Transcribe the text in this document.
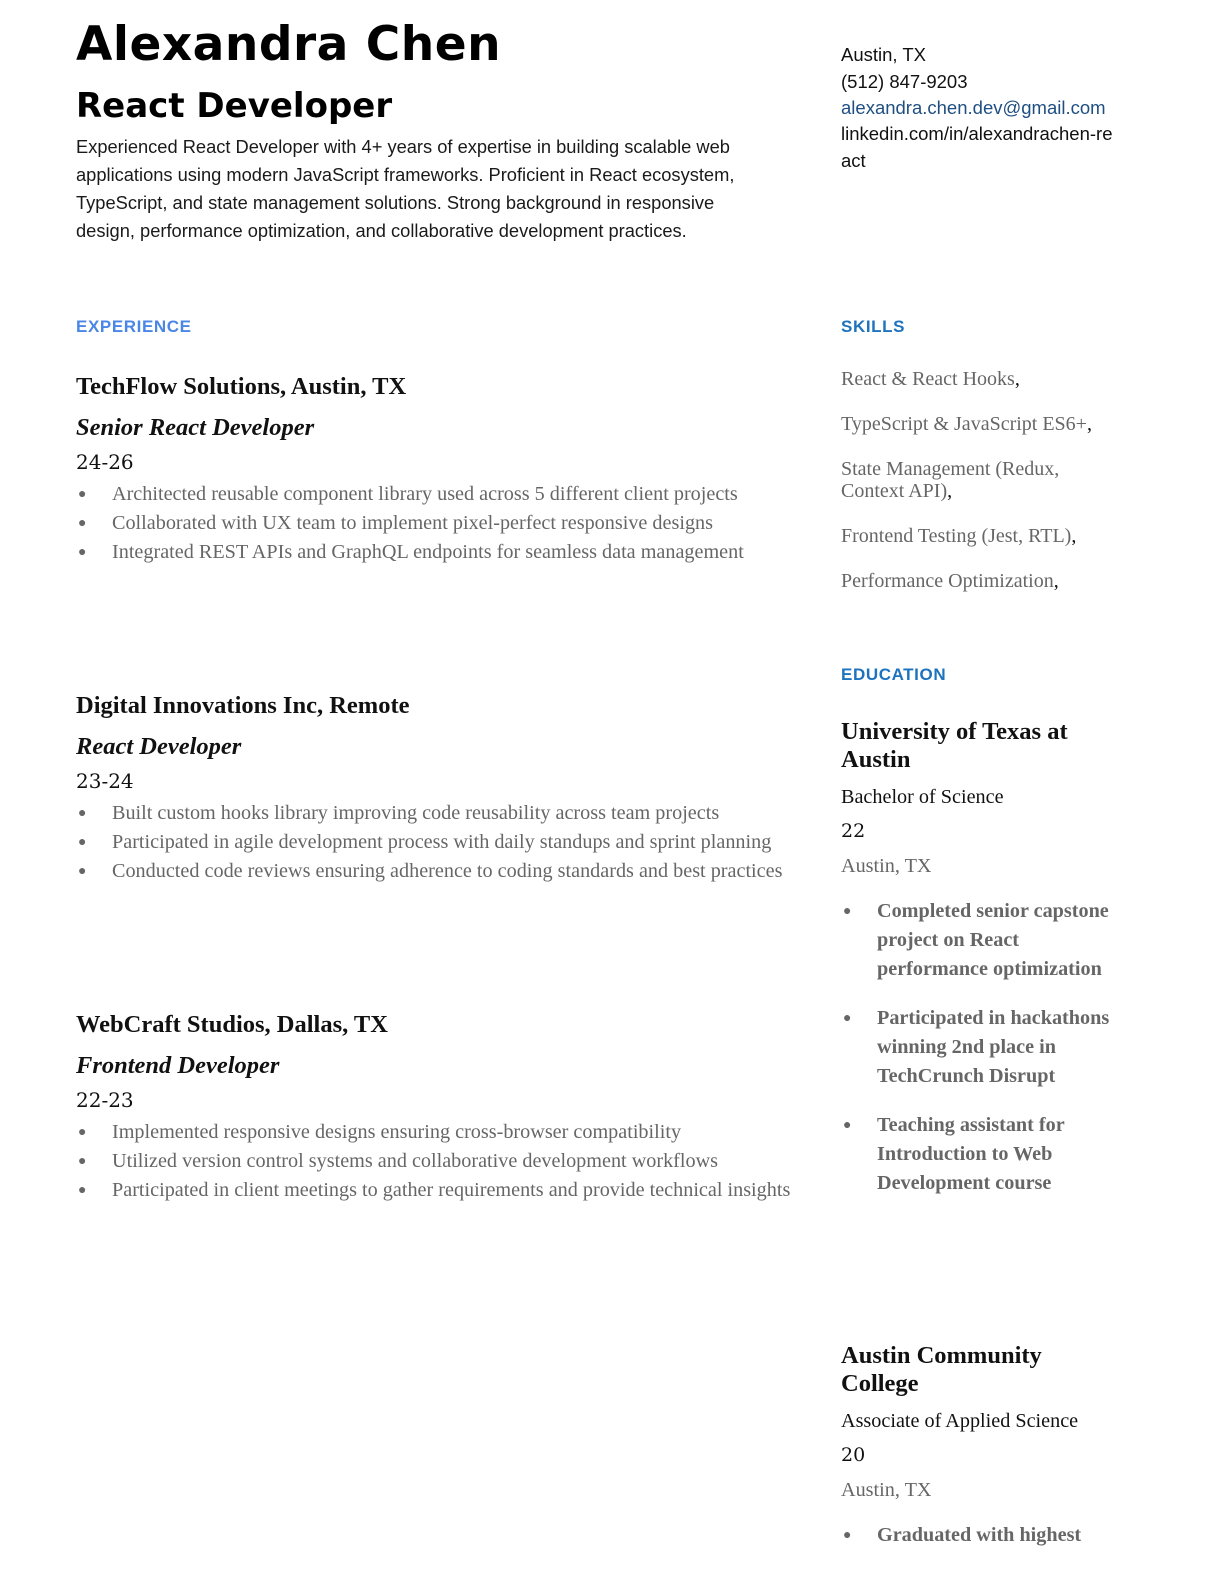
Alexandra Chen
React Developer
Experienced React Developer with 4+ years of expertise in building scalable web applications using modern JavaScript frameworks. Proficient in React ecosystem, TypeScript, and state management solutions. Strong background in responsive design, performance optimization, and collaborative development practices.
EXPERIENCE
TechFlow Solutions, Austin, TX
Senior React Developer
24-26
● Architected reusable component library used across 5 different client projects
● Collaborated with UX team to implement pixel-perfect responsive designs
● Integrated REST APIs and GraphQL endpoints for seamless data management
Digital Innovations Inc, Remote
React Developer
23-24
● Built custom hooks library improving code reusability across team projects
● Participated in agile development process with daily standups and sprint planning
● Conducted code reviews ensuring adherence to coding standards and best practices
WebCraft Studios, Dallas, TX
Frontend Developer
22-23
● Implemented responsive designs ensuring cross-browser compatibility
● Utilized version control systems and collaborative development workflows
● Participated in client meetings to gather requirements and provide technical insights
Austin, TX
(512) 847-9203
alexandra.chen.dev@gmail.com
linkedin.com/in/alexandrachen-react
SKILLS
React & React Hooks,
TypeScript & JavaScript ES6+,
State Management (Redux, Context API),
Frontend Testing (Jest, RTL),
Performance Optimization,
EDUCATION
University of Texas at Austin
Bachelor of Science
22
Austin, TX
● Completed senior capstone project on React performance optimization
● Participated in hackathons winning 2nd place in TechCrunch Disrupt
● Teaching assistant for Introduction to Web Development course
Austin Community College
Associate of Applied Science
20
Austin, TX
● Graduated with highest
